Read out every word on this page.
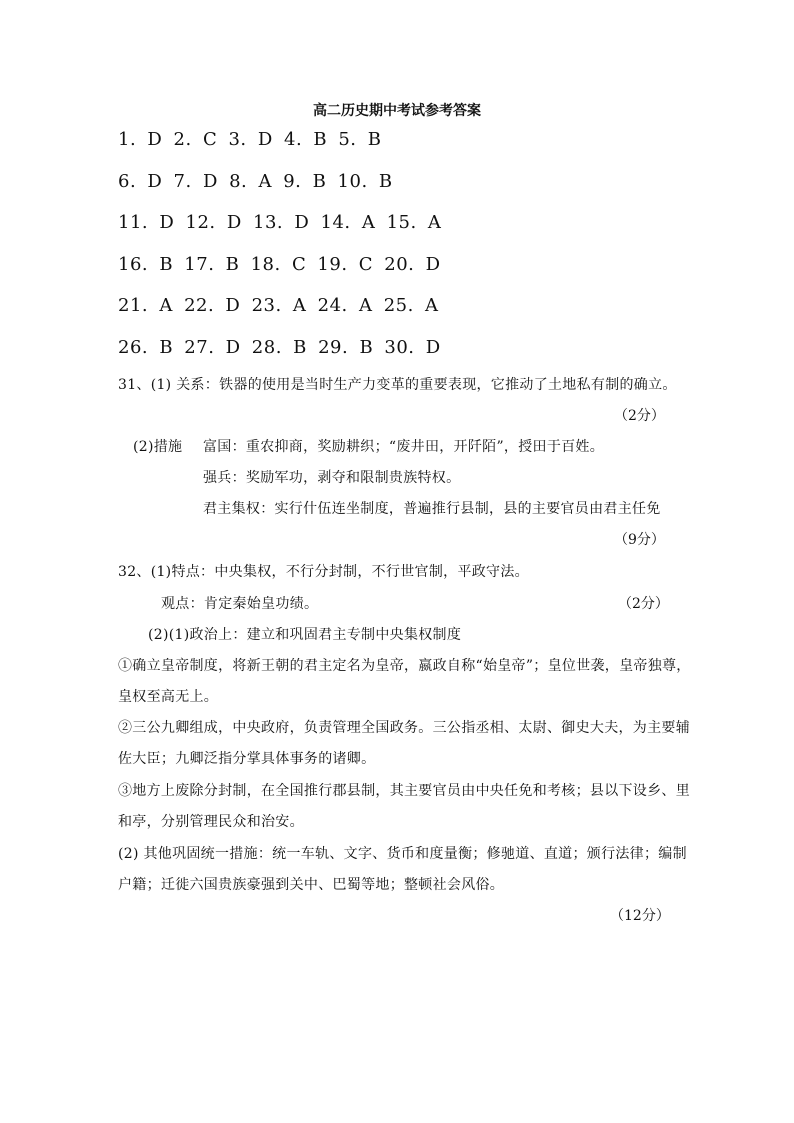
高二历史期中考试参考答案
1. D 2. C 3. D 4. B 5. B
6. D 7. D 8. A 9. B 10. B
11. D 12. D 13. D 14. A 15. A
16. B 17. B 18. C 19. C 20. D
21. A 22. D 23. A 24. A 25. A
26. B 27. D 28. B 29. B 30. D
31、(1) 关系：铁器的使用是当时生产力变革的重要表现，它推动了土地私有制的确立。
（2分）
(2)措施 富国：重农抑商，奖励耕织；“废井田，开阡陌”，授田于百姓。
强兵：奖励军功，剥夺和限制贵族特权。
君主集权：实行什伍连坐制度，普遍推行县制，县的主要官员由君主任免
（9分）
32、(1)特点：中央集权，不行分封制，不行世官制，平政守法。
观点：肯定秦始皇功绩。	（2分）
(2)(1)政治上：建立和巩固君主专制中央集权制度
①确立皇帝制度，将新王朝的君主定名为皇帝，嬴政自称“始皇帝”；皇位世袭，皇帝独尊，
皇权至高无上。
②三公九卿组成，中央政府，负责管理全国政务。三公指丞相、太尉、御史大夫，为主要辅
佐大臣；九卿泛指分掌具体事务的诸卿。
③地方上废除分封制，在全国推行郡县制，其主要官员由中央任免和考核；县以下设乡、里
和亭，分别管理民众和治安。
(2) 其他巩固统一措施：统一车轨、文字、货币和度量衡；修驰道、直道；颁行法律；编制
户籍；迁徙六国贵族豪强到关中、巴蜀等地；整顿社会风俗。
（12分）
